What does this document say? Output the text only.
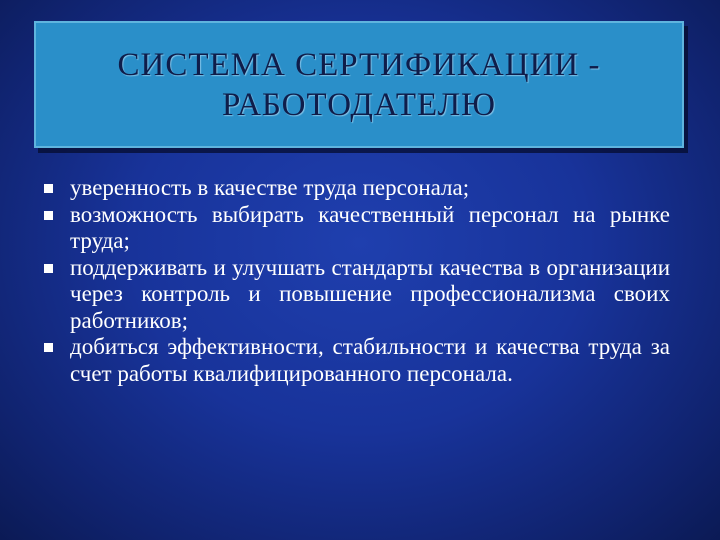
СИСТЕМА СЕРТИФИКАЦИИ -
РАБОТОДАТЕЛЮ
уверенность в качестве труда персонала;
возможность выбирать качественный персонал на рынке труда;
поддерживать и улучшать стандарты качества в организации через контроль и повышение профессионализма своих работников;
добиться эффективности, стабильности и качества труда за счет работы квалифицированного персонала.
